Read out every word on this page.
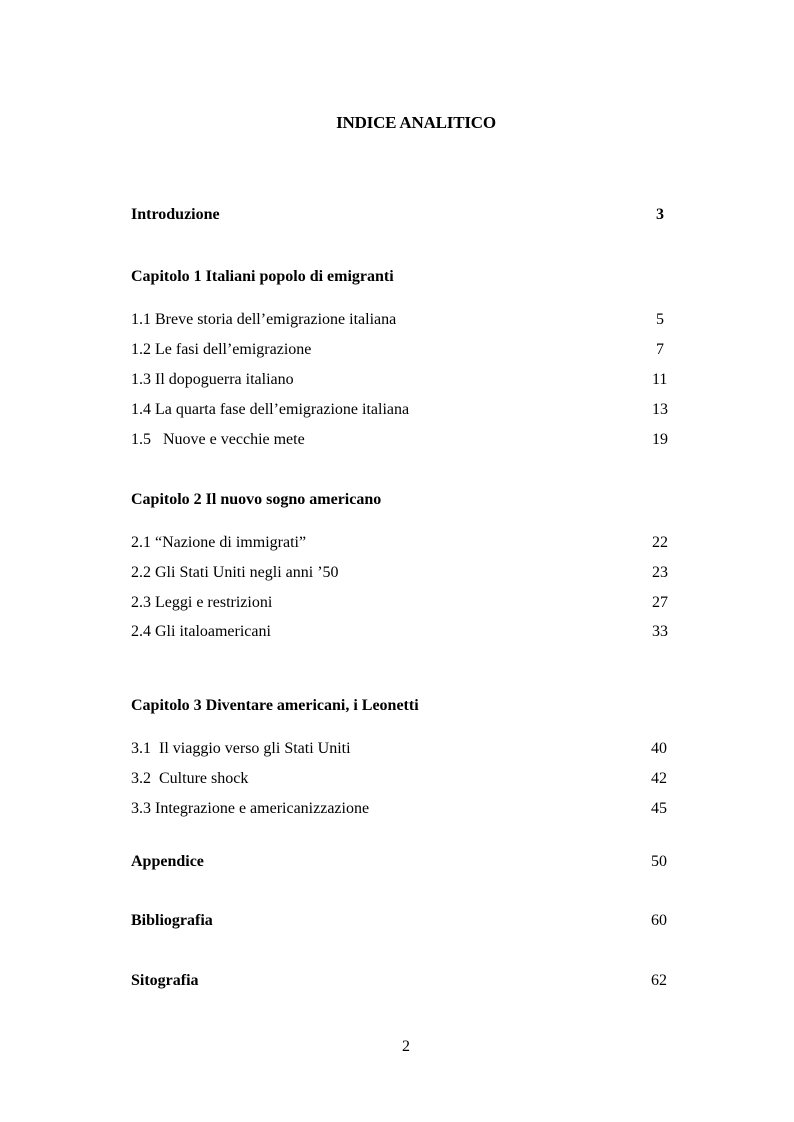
INDICE ANALITICO
Introduzione	3
Capitolo 1 Italiani popolo di emigranti
1.1 Breve storia dell’emigrazione italiana	5
1.2 Le fasi dell’emigrazione	7
1.3 Il dopoguerra italiano	11
1.4 La quarta fase dell’emigrazione italiana	13
1.5   Nuove e vecchie mete	19
Capitolo 2 Il nuovo sogno americano
2.1 “Nazione di immigrati”	22
2.2 Gli Stati Uniti negli anni ’50	23
2.3 Leggi e restrizioni	27
2.4 Gli italoamericani	33
Capitolo 3 Diventare americani, i Leonetti
3.1  Il viaggio verso gli Stati Uniti	40
3.2  Culture shock	42
3.3 Integrazione e americanizzazione	45
Appendice	50
Bibliografia	60
Sitografia	62
2
